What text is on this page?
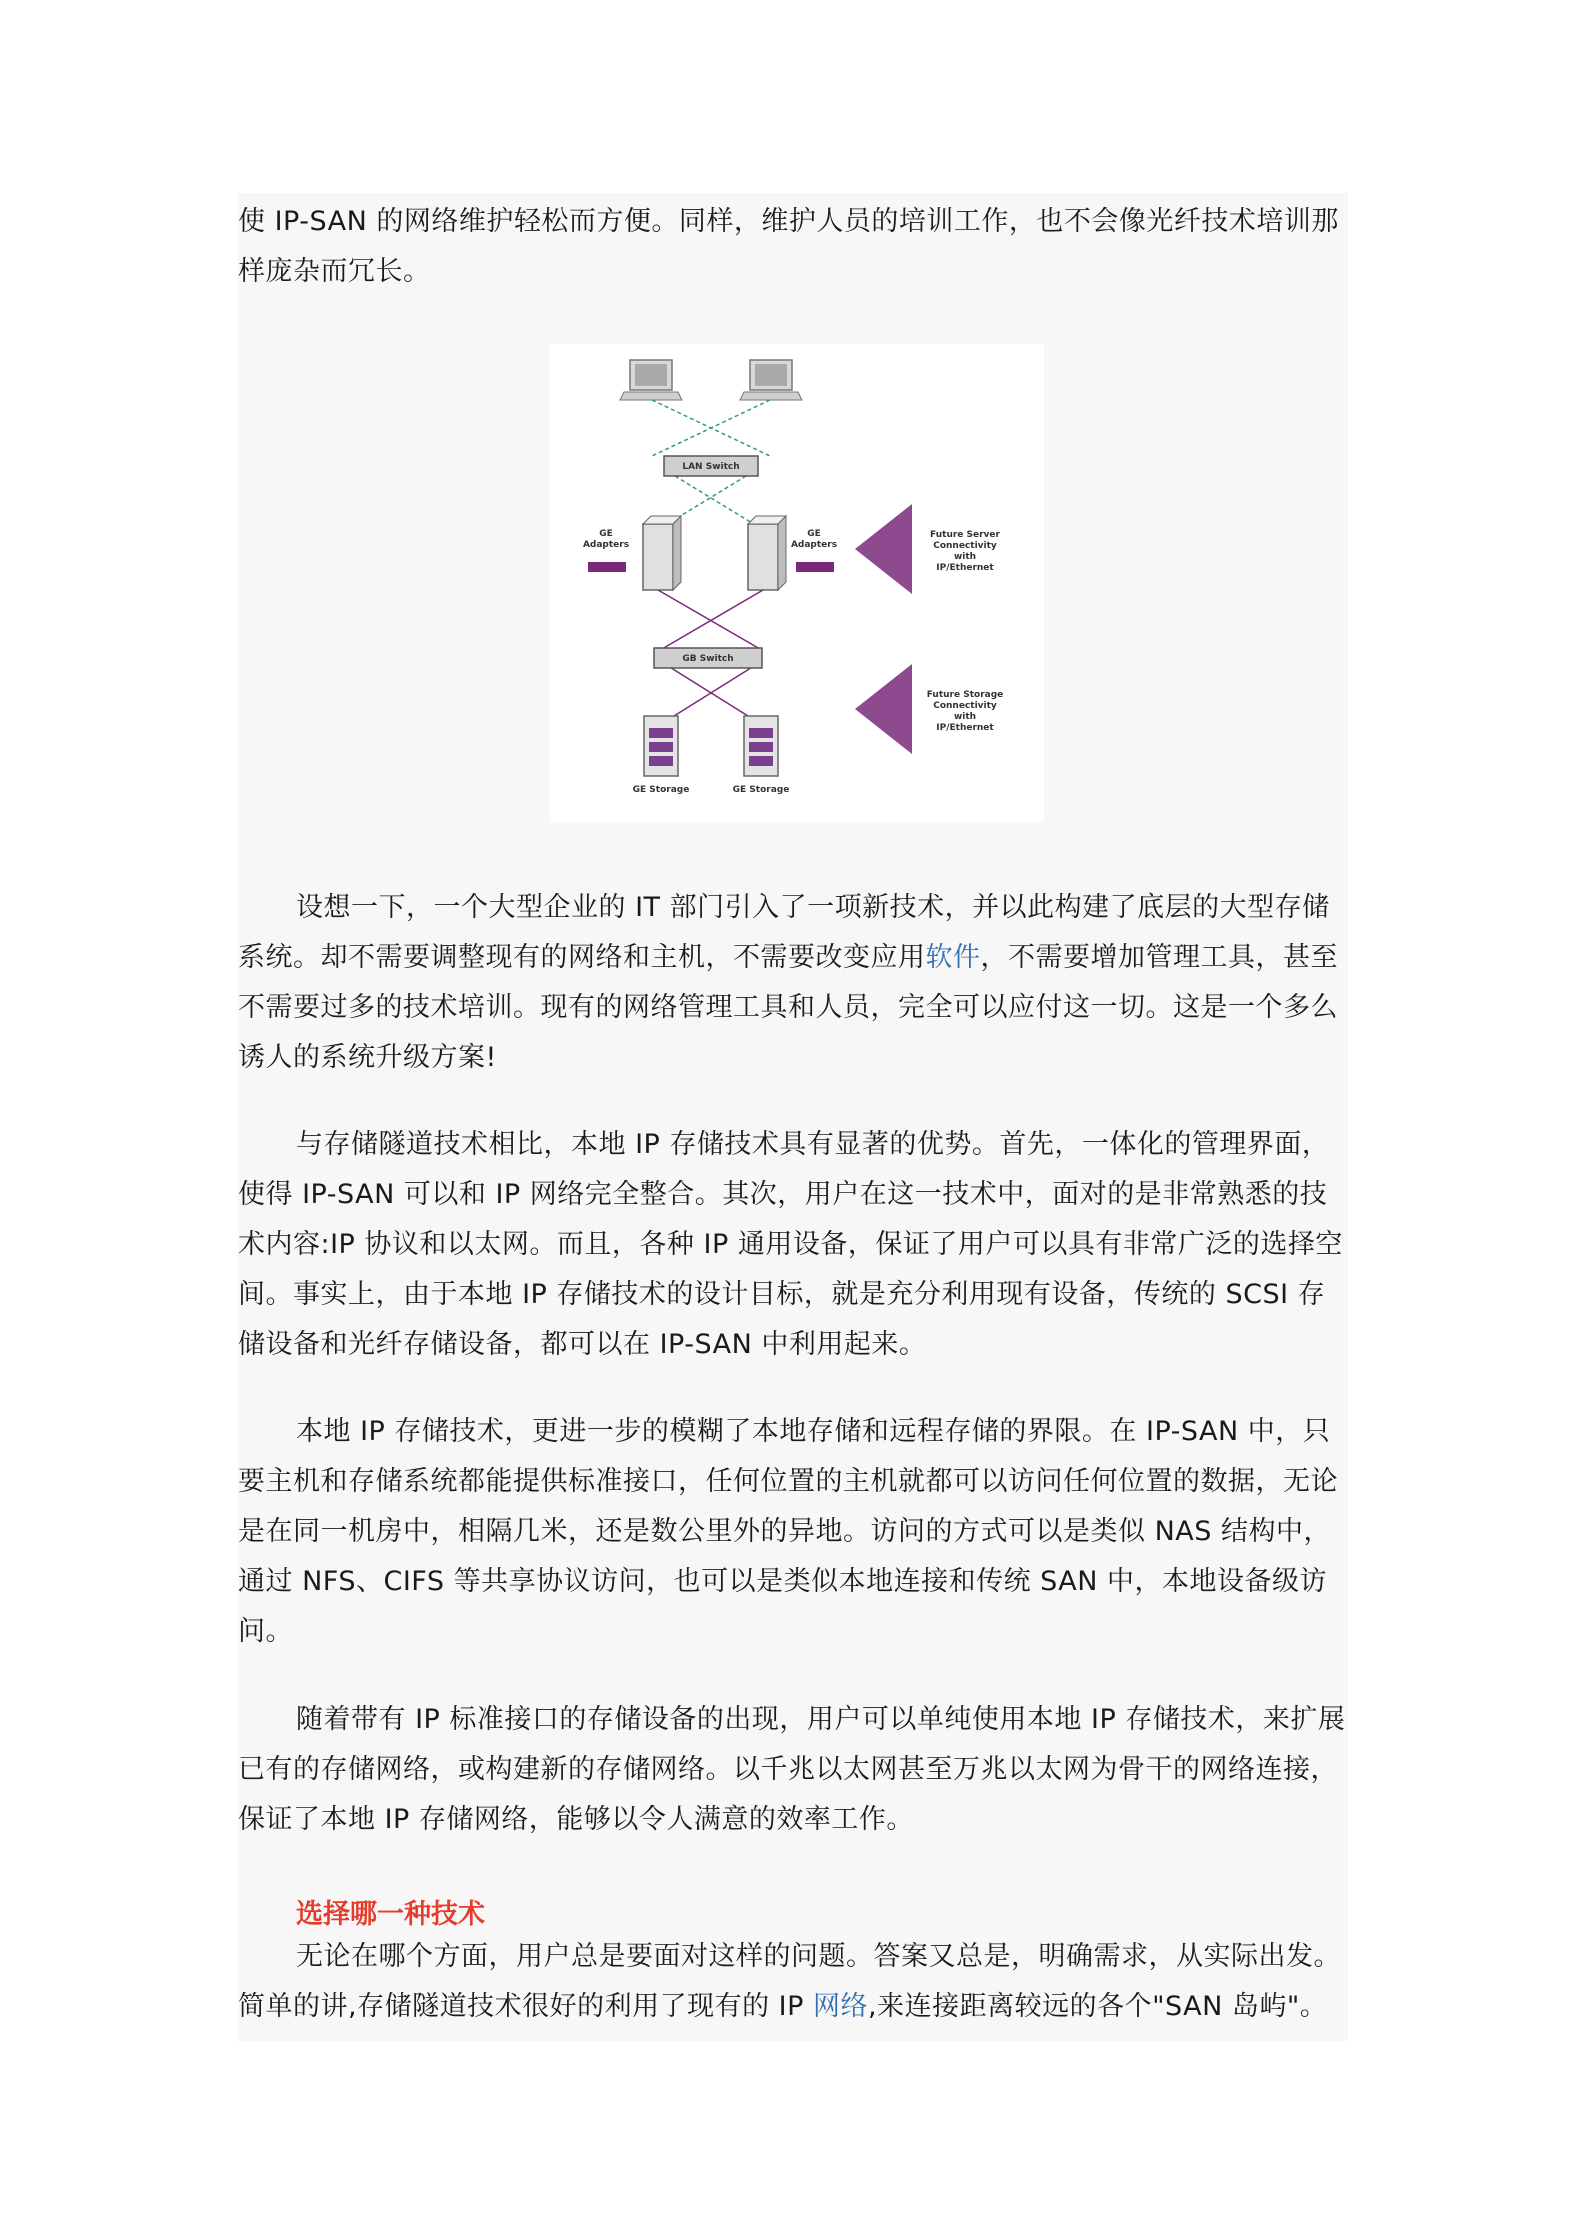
使 IP-SAN 的网络维护轻松而方便。同样，维护人员的培训工作，也不会像光纤技术培训那
样庞杂而冗长。

LAN Switch
GE Adapters
GE Adapters
GB Switch
GE Storage	GE Storage
Future Server Connectivity with IP/Ethernet
Future Storage Connectivity with IP/Ethernet

设想一下，一个大型企业的 IT 部门引入了一项新技术，并以此构建了底层的大型存储
系统。却不需要调整现有的网络和主机，不需要改变应用软件，不需要增加管理工具，甚至
不需要过多的技术培训。现有的网络管理工具和人员，完全可以应付这一切。这是一个多么
诱人的系统升级方案!

与存储隧道技术相比，本地 IP 存储技术具有显著的优势。首先，一体化的管理界面，
使得 IP-SAN 可以和 IP 网络完全整合。其次，用户在这一技术中，面对的是非常熟悉的技
术内容:IP 协议和以太网。而且，各种 IP 通用设备，保证了用户可以具有非常广泛的选择空
间。事实上，由于本地 IP 存储技术的设计目标，就是充分利用现有设备，传统的 SCSI 存
储设备和光纤存储设备，都可以在 IP-SAN 中利用起来。

本地 IP 存储技术，更进一步的模糊了本地存储和远程存储的界限。在 IP-SAN 中，只
要主机和存储系统都能提供标准接口，任何位置的主机就都可以访问任何位置的数据，无论
是在同一机房中，相隔几米，还是数公里外的异地。访问的方式可以是类似 NAS 结构中，
通过 NFS、CIFS 等共享协议访问，也可以是类似本地连接和传统 SAN 中，本地设备级访
问。

随着带有 IP 标准接口的存储设备的出现，用户可以单纯使用本地 IP 存储技术，来扩展
已有的存储网络，或构建新的存储网络。以千兆以太网甚至万兆以太网为骨干的网络连接，
保证了本地 IP 存储网络，能够以令人满意的效率工作。

选择哪一种技术

无论在哪个方面，用户总是要面对这样的问题。答案又总是，明确需求，从实际出发。
简单的讲,存储隧道技术很好的利用了现有的 IP 网络,来连接距离较远的各个"SAN 岛屿"。
